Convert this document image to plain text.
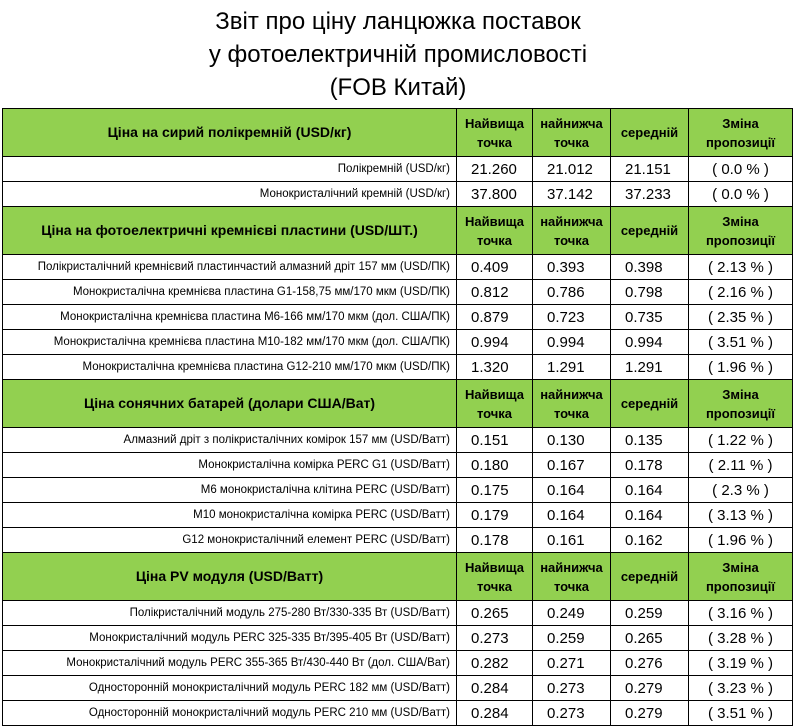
Звіт про ціну ланцюжка поставок
у фотоелектричній промисловості
(FOB Китай)
Ціна на сирий полікремній (USD/кг)	Найвища точка	найнижча точка	середній	Зміна пропозиції
Полікремній (USD/кг)	21.260	21.012	21.151	( 0.0 % )
Монокристалічний кремній (USD/кг)	37.800	37.142	37.233	( 0.0 % )
Ціна на фотоелектричні кремнієві пластини (USD/ШТ.)	Найвища точка	найнижча точка	середній	Зміна пропозиції
Полікристалічний кремнієвий пластинчастий алмазний дріт 157 мм (USD/ПК)	0.409	0.393	0.398	( 2.13 % )
Монокристалічна кремнієва пластина G1-158,75 мм/170 мкм (USD/ПК)	0.812	0.786	0.798	( 2.16 % )
Монокристалічна кремнієва пластина M6-166 мм/170 мкм (дол. США/ПК)	0.879	0.723	0.735	( 2.35 % )
Монокристалічна кремнієва пластина M10-182 мм/170 мкм (дол. США/ПК)	0.994	0.994	0.994	( 3.51 % )
Монокристалічна кремнієва пластина G12-210 мм/170 мкм (USD/ПК)	1.320	1.291	1.291	( 1.96 % )
Ціна сонячних батарей (долари США/Ват)	Найвища точка	найнижча точка	середній	Зміна пропозиції
Алмазний дріт з полікристалічних комірок 157 мм (USD/Ватт)	0.151	0.130	0.135	( 1.22 % )
Монокристалічна комірка PERC G1 (USD/Ватт)	0.180	0.167	0.178	( 2.11 % )
M6 монокристалічна клітина PERC (USD/Ватт)	0.175	0.164	0.164	( 2.3 % )
M10 монокристалічна комірка PERC (USD/Ватт)	0.179	0.164	0.164	( 3.13 % )
G12 монокристалічний елемент PERC (USD/Ватт)	0.178	0.161	0.162	( 1.96 % )
Ціна PV модуля (USD/Ватт)	Найвища точка	найнижча точка	середній	Зміна пропозиції
Полікристалічний модуль 275-280 Вт/330-335 Вт (USD/Ватт)	0.265	0.249	0.259	( 3.16 % )
Монокристалічний модуль PERC 325-335 Вт/395-405 Вт (USD/Ватт)	0.273	0.259	0.265	( 3.28 % )
Монокристалічний модуль PERC 355-365 Вт/430-440 Вт (дол. США/Ват)	0.282	0.271	0.276	( 3.19 % )
Односторонній монокристалічний модуль PERC 182 мм (USD/Ватт)	0.284	0.273	0.279	( 3.23 % )
Односторонній монокристалічний модуль PERC 210 мм (USD/Ватт)	0.284	0.273	0.279	( 3.51 % )
